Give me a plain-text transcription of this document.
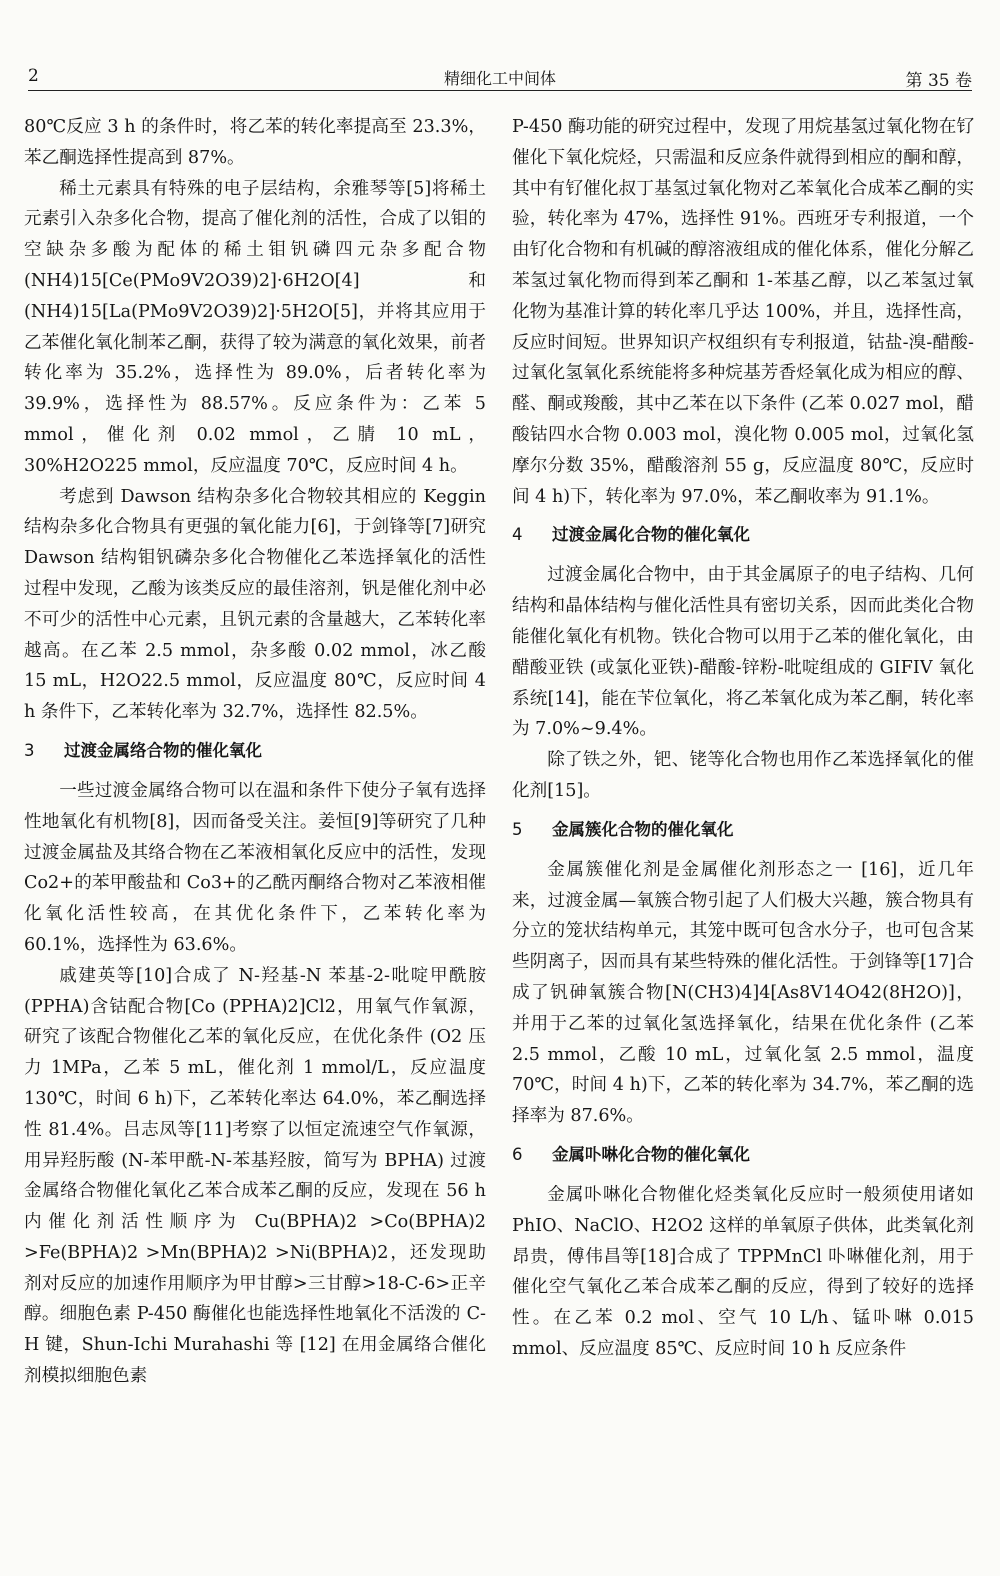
2	精细化工中间体	第 35 卷

80℃反应 3 h 的条件时，将乙苯的转化率提高至 23.3%，苯乙酮选择性提高到 87%。

稀土元素具有特殊的电子层结构，余雅琴等[5]将稀土元素引入杂多化合物，提高了催化剂的活性，合成了以钼的空缺杂多酸为配体的稀土钼钒磷四元杂多配合物 (NH4)15[Ce(PMo9V2O39)2]·6H2O[4]和 (NH4)15[La(PMo9V2O39)2]·5H2O[5]，并将其应用于乙苯催化氧化制苯乙酮，获得了较为满意的氧化效果，前者转化率为 35.2%，选择性为 89.0%，后者转化率为 39.9%，选择性为 88.57%。反应条件为：乙苯 5 mmol，催化剂 0.02 mmol，乙腈 10 mL，30%H2O225 mmol，反应温度 70℃，反应时间 4 h。

考虑到 Dawson 结构杂多化合物较其相应的 Keggin 结构杂多化合物具有更强的氧化能力[6]，于剑锋等[7]研究 Dawson 结构钼钒磷杂多化合物催化乙苯选择氧化的活性过程中发现，乙酸为该类反应的最佳溶剂，钒是催化剂中必不可少的活性中心元素，且钒元素的含量越大，乙苯转化率越高。在乙苯 2.5 mmol，杂多酸 0.02 mmol，冰乙酸 15 mL，H2O22.5 mmol，反应温度 80℃，反应时间 4 h 条件下，乙苯转化率为 32.7%，选择性 82.5%。

3 过渡金属络合物的催化氧化

一些过渡金属络合物可以在温和条件下使分子氧有选择性地氧化有机物[8]，因而备受关注。姜恒[9]等研究了几种过渡金属盐及其络合物在乙苯液相氧化反应中的活性，发现 Co2+的苯甲酸盐和 Co3+的乙酰丙酮络合物对乙苯液相催化氧化活性较高，在其优化条件下，乙苯转化率为 60.1%，选择性为 63.6%。

戚建英等[10]合成了 N-羟基-N 苯基-2-吡啶甲酰胺 (PPHA)含钴配合物[Co (PPHA)2]Cl2，用氧气作氧源，研究了该配合物催化乙苯的氧化反应，在优化条件 (O2 压力 1MPa，乙苯 5 mL，催化剂 1 mmol/L，反应温度 130℃，时间 6 h)下，乙苯转化率达 64.0%，苯乙酮选择性 81.4%。吕志凤等[11]考察了以恒定流速空气作氧源，用异羟肟酸 (N-苯甲酰-N-苯基羟胺，简写为 BPHA) 过渡金属络合物催化氧化乙苯合成苯乙酮的反应，发现在 56 h 内催化剂活性顺序为 Cu(BPHA)2 >Co(BPHA)2 >Fe(BPHA)2 >Mn(BPHA)2 >Ni(BPHA)2，还发现助剂对反应的加速作用顺序为甲甘醇>三甘醇>18-C-6>正辛醇。细胞色素 P-450 酶催化也能选择性地氧化不活泼的 C-H 键，Shun-Ichi Murahashi 等 [12] 在用金属络合催化剂模拟细胞色素

P-450 酶功能的研究过程中，发现了用烷基氢过氧化物在钌催化下氧化烷烃，只需温和反应条件就得到相应的酮和醇，其中有钌催化叔丁基氢过氧化物对乙苯氧化合成苯乙酮的实验，转化率为 47%，选择性 91%。西班牙专利报道，一个由钌化合物和有机碱的醇溶液组成的催化体系，催化分解乙苯氢过氧化物而得到苯乙酮和 1-苯基乙醇，以乙苯氢过氧化物为基准计算的转化率几乎达 100%，并且，选择性高，反应时间短。世界知识产权组织有专利报道，钴盐-溴-醋酸-过氧化氢氧化系统能将多种烷基芳香烃氧化成为相应的醇、醛、酮或羧酸，其中乙苯在以下条件 (乙苯 0.027 mol，醋酸钴四水合物 0.003 mol，溴化物 0.005 mol，过氧化氢摩尔分数 35%，醋酸溶剂 55 g，反应温度 80℃，反应时间 4 h)下，转化率为 97.0%，苯乙酮收率为 91.1%。

4 过渡金属化合物的催化氧化

过渡金属化合物中，由于其金属原子的电子结构、几何结构和晶体结构与催化活性具有密切关系，因而此类化合物能催化氧化有机物。铁化合物可以用于乙苯的催化氧化，由醋酸亚铁 (或氯化亚铁)-醋酸-锌粉-吡啶组成的 GIFIV 氧化系统[14]，能在苄位氧化，将乙苯氧化成为苯乙酮，转化率为 7.0%~9.4%。

除了铁之外，钯、铑等化合物也用作乙苯选择氧化的催化剂[15]。

5 金属簇化合物的催化氧化

金属簇催化剂是金属催化剂形态之一 [16]，近几年来，过渡金属—氧簇合物引起了人们极大兴趣，簇合物具有分立的笼状结构单元，其笼中既可包含水分子，也可包含某些阴离子，因而具有某些特殊的催化活性。于剑锋等[17]合成了钒砷氧簇合物[N(CH3)4]4[As8V14O42(8H2O)]，并用于乙苯的过氧化氢选择氧化，结果在优化条件 (乙苯 2.5 mmol，乙酸 10 mL，过氧化氢 2.5 mmol，温度 70℃，时间 4 h)下，乙苯的转化率为 34.7%，苯乙酮的选择率为 87.6%。

6 金属卟啉化合物的催化氧化

金属卟啉化合物催化烃类氧化反应时一般须使用诸如 PhIO、NaClO、H2O2 这样的单氧原子供体，此类氧化剂昂贵，傅伟昌等[18]合成了 TPPMnCl 卟啉催化剂，用于催化空气氧化乙苯合成苯乙酮的反应，得到了较好的选择性。在乙苯 0.2 mol、空气 10 L/h、锰卟啉 0.015 mmol、反应温度 85℃、反应时间 10 h 反应条件
